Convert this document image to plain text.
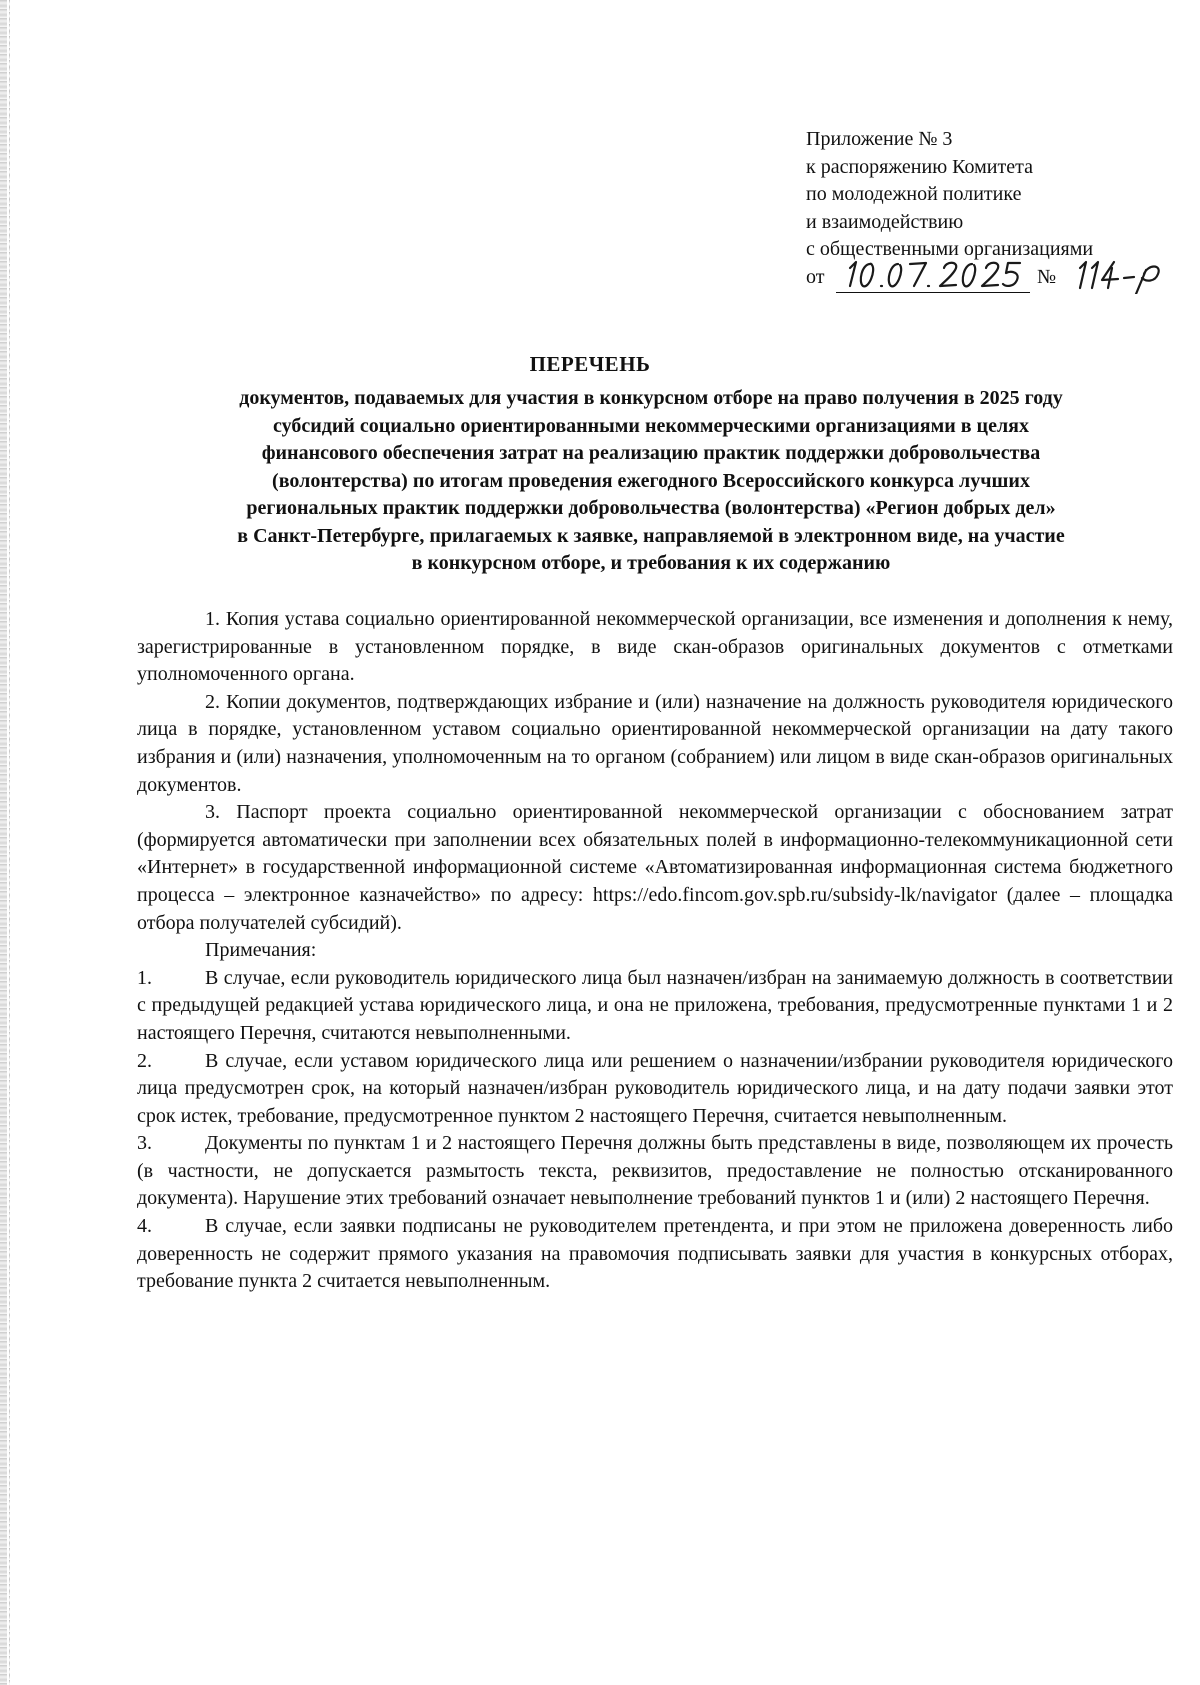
Приложение № 3
к распоряжению Комитета
по молодежной политике
и взаимодействию
с общественными организациями
от	№
ПЕРЕЧЕНЬ
документов, подаваемых для участия в конкурсном отборе на право получения в 2025 году
субсидий социально ориентированными некоммерческими организациями в целях
финансового обеспечения затрат на реализацию практик поддержки добровольчества
(волонтерства) по итогам проведения ежегодного Всероссийского конкурса лучших
региональных практик поддержки добровольчества (волонтерства) «Регион добрых дел»
в Санкт-Петербурге, прилагаемых к заявке, направляемой в электронном виде, на участие
в конкурсном отборе, и требования к их содержанию

1. Копия устава социально ориентированной некоммерческой организации, все изменения и дополнения к нему, зарегистрированные в установленном порядке, в виде скан-образов оригинальных документов с отметками уполномоченного органа.

2. Копии документов, подтверждающих избрание и (или) назначение на должность руководителя юридического лица в порядке, установленном уставом социально ориентированной некоммерческой организации на дату такого избрания и (или) назначения, уполномоченным на то органом (собранием) или лицом в виде скан-образов оригинальных документов.

3. Паспорт проекта социально ориентированной некоммерческой организации с обоснованием затрат (формируется автоматически при заполнении всех обязательных полей в информационно-телекоммуникационной сети «Интернет» в государственной информационной системе «Автоматизированная информационная система бюджетного процесса – электронное казначейство» по адресу: https://edo.fincom.gov.spb.ru/subsidy-lk/navigator (далее – площадка отбора получателей субсидий).

Примечания:

1.	В случае, если руководитель юридического лица был назначен/избран на занимаемую должность в соответствии с предыдущей редакцией устава юридического лица, и она не приложена, требования, предусмотренные пунктами 1 и 2 настоящего Перечня, считаются невыполненными.

2.	В случае, если уставом юридического лица или решением о назначении/избрании руководителя юридического лица предусмотрен срок, на который назначен/избран руководитель юридического лица, и на дату подачи заявки этот срок истек, требование, предусмотренное пунктом 2 настоящего Перечня, считается невыполненным.

3.	Документы по пунктам 1 и 2 настоящего Перечня должны быть представлены в виде, позволяющем их прочесть (в частности, не допускается размытость текста, реквизитов, предоставление не полностью отсканированного документа). Нарушение этих требований означает невыполнение требований пунктов 1 и (или) 2 настоящего Перечня.

4.	В случае, если заявки подписаны не руководителем претендента, и при этом не приложена доверенность либо доверенность не содержит прямого указания на правомочия подписывать заявки для участия в конкурсных отборах, требование пункта 2 считается невыполненным.
